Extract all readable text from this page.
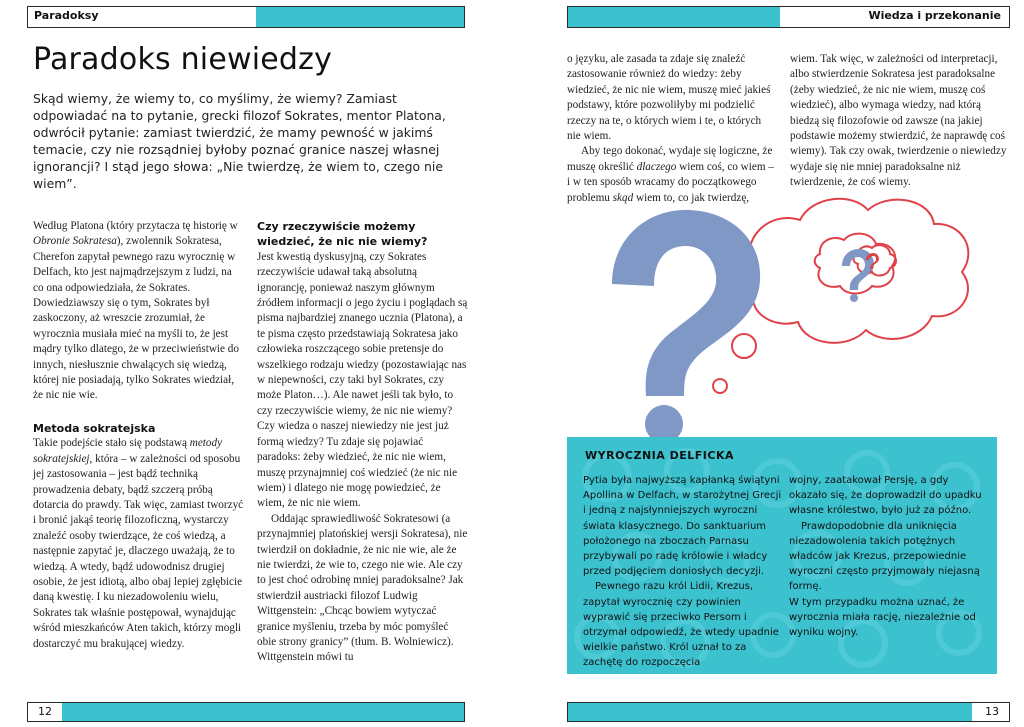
Paradoksy
Paradoks niewiedzy

Skąd wiemy, że wiemy to, co myślimy, że wiemy? Zamiast odpowiadać na to pytanie, grecki filozof Sokrates, mentor Platona, odwrócił pytanie: zamiast twierdzić, że mamy pewność w jakimś temacie, czy nie rozsądniej byłoby poznać granice naszej własnej ignorancji? I stąd jego słowa: „Nie twierdzę, że wiem to, czego nie wiem”.

Według Platona (który przytacza tę historię w Obronie Sokratesa), zwolennik Sokratesa, Cherefon zapytał pewnego razu wyrocznię w Delfach, kto jest najmądrzejszym z ludzi, na co ona odpowiedziała, że Sokrates. Dowiedziawszy się o tym, Sokrates był zaskoczony, aż wreszcie zrozumiał, że wyrocznia musiała mieć na myśli to, że jest mądry tylko dlatego, że w przeciwieństwie do innych, niesłusznie chwalących się wiedzą, której nie posiadają, tylko Sokrates wiedział, że nic nie wie.

Metoda sokratejska

Takie podejście stało się podstawą metody sokratejskiej, która – w zależności od sposobu jej zastosowania – jest bądź techniką prowadzenia debaty, bądź szczerą próbą dotarcia do prawdy. Tak więc, zamiast tworzyć i bronić jakąś teorię filozoficzną, wystarczy znaleźć osoby twierdzące, że coś wiedzą, a następnie zapytać je, dlaczego uważają, że to wiedzą. A wtedy, bądź udowodnisz drugiej osobie, że jest idiotą, albo obaj lepiej zgłębicie daną kwestię. I ku niezadowoleniu wielu, Sokrates tak właśnie postępował, wynajdując wśród mieszkańców Aten takich, którzy mogli dostarczyć mu brakującej wiedzy.

Czy rzeczywiście możemy wiedzieć, że nic nie wiemy?

Jest kwestią dyskusyjną, czy Sokrates rzeczywiście udawał taką absolutną ignorancję, ponieważ naszym głównym źródłem informacji o jego życiu i poglądach są pisma najbardziej znanego ucznia (Platona), a te pisma często przedstawiają Sokratesa jako człowieka roszczącego sobie pretensje do wszelkiego rodzaju wiedzy (pozostawiając nas w niepewności, czy taki był Sokrates, czy może Platon…). Ale nawet jeśli tak było, to czy rzeczywiście wiemy, że nic nie wiemy? Czy wiedza o naszej niewiedzy nie jest już formą wiedzy? Tu zdaje się pojawiać paradoks: żeby wiedzieć, że nic nie wiem, muszę przynajmniej coś wiedzieć (że nic nie wiem) i dlatego nie mogę powiedzieć, że wiem, że nic nie wiem.

Oddając sprawiedliwość Sokratesowi (a przynajmniej platońskiej wersji Sokratesa), nie twierdził on dokładnie, że nic nie wie, ale że nie twierdzi, że wie to, czego nie wie. Ale czy to jest choć odrobinę mniej paradoksalne? Jak stwierdził austriacki filozof Ludwig Wittgenstein: „Chcąc bowiem wytyczać granice myśleniu, trzeba by móc pomyśleć obie strony granicy” (tłum. B. Wolniewicz). Wittgenstein mówi tu

12
Wiedza i przekonanie

o języku, ale zasada ta zdaje się znaleźć zastosowanie również do wiedzy: żeby wiedzieć, że nic nie wiem, muszę mieć jakieś podstawy, które pozwoliłyby mi podzielić rzeczy na te, o których wiem i te, o których nie wiem.

Aby tego dokonać, wydaje się logiczne, że muszę określić dlaczego wiem coś, co wiem – i w ten sposób wracamy do początkowego problemu skąd wiem to, co jak twierdzę,

wiem. Tak więc, w zależności od interpretacji, albo stwierdzenie Sokratesa jest paradoksalne (żeby wiedzieć, że nic nie wiem, muszę coś wiedzieć), albo wymaga wiedzy, nad którą biedzą się filozofowie od zawsze (na jakiej podstawie możemy stwierdzić, że naprawdę coś wiemy). Tak czy owak, twierdzenie o niewiedzy wydaje się nie mniej paradoksalne niż twierdzenie, że coś wiemy.

13
WYROCZNIA DELFICKA

Pytia była najwyższą kapłanką świątyni Apollina w Delfach, w starożytnej Grecji i jedną z najsłynniejszych wyroczni świata klasycznego. Do sanktuarium położonego na zboczach Parnasu przybywali po radę królowie i władcy przed podjęciem doniosłych decyzji.

Pewnego razu król Lidii, Krezus, zapytał wyrocznię czy powinien wyprawić się przeciwko Persom i otrzymał odpowiedź, że wtedy upadnie wielkie państwo. Król uznał to za zachętę do rozpoczęcia

wojny, zaatakował Persję, a gdy okazało się, że doprowadził do upadku własne królestwo, było już za późno.

Prawdopodobnie dla uniknięcia niezadowolenia takich potężnych władców jak Krezus, przepowiednie wyroczni często przyjmowały niejasną formę.

W tym przypadku można uznać, że wyrocznia miała rację, niezależnie od wyniku wojny.
